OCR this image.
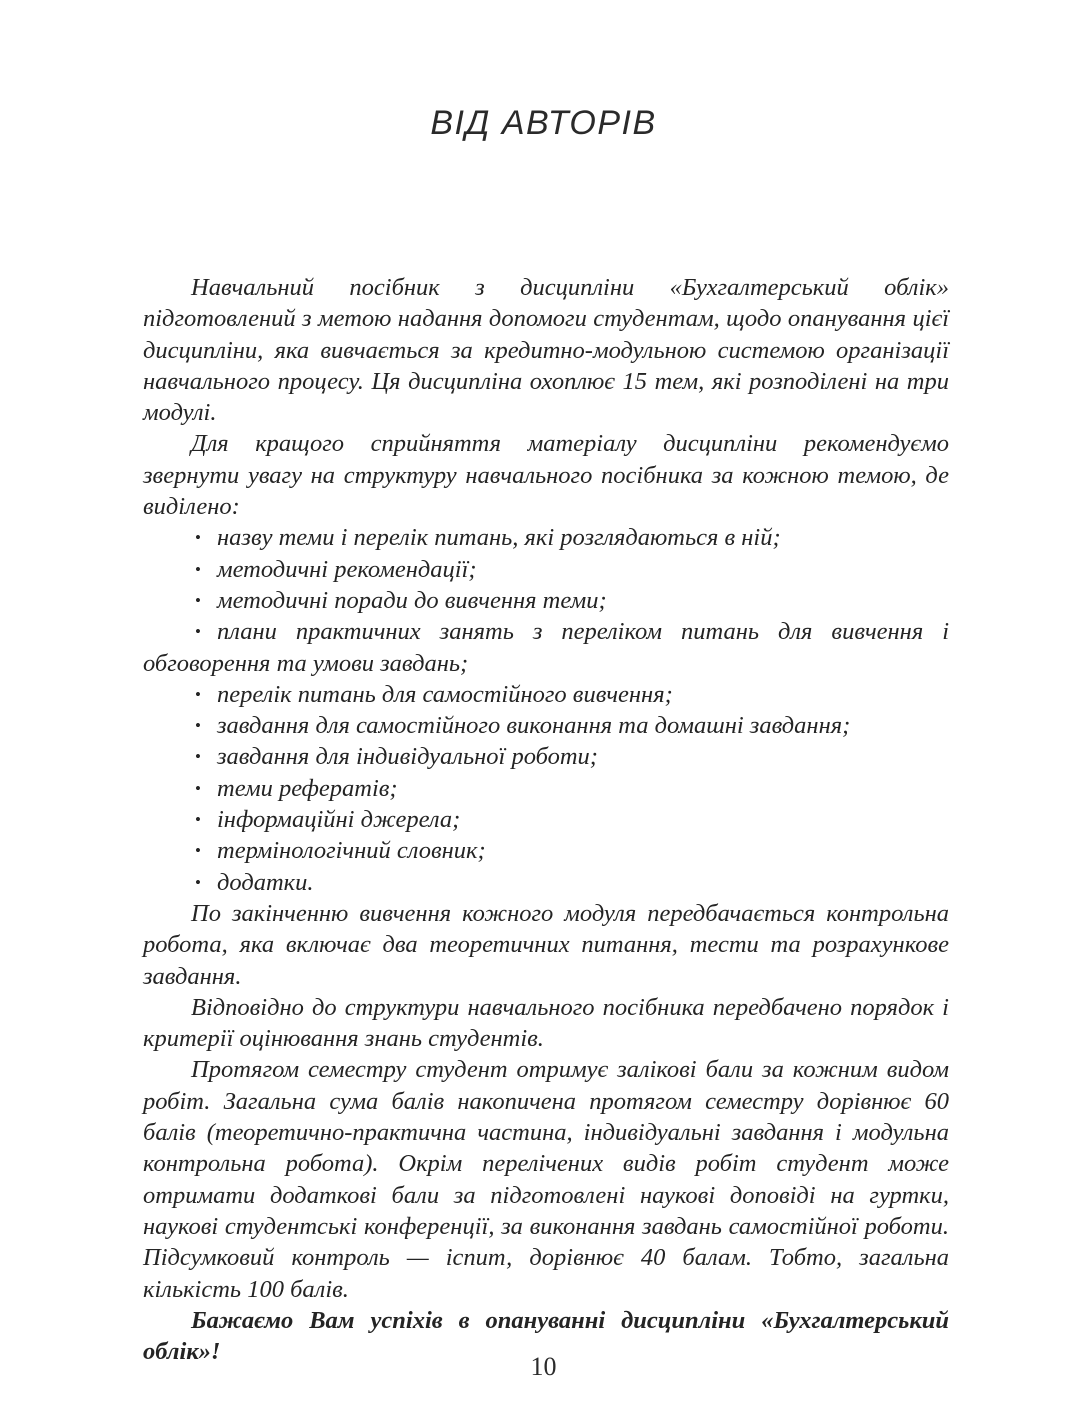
ВІД АВТОРІВ

Навчальний посібник з дисципліни «Бухгалтерський облік» підготовлений з метою надання допомоги студентам, щодо опанування цієї дисципліни, яка вивчається за кредитно-модульною системою організації навчального процесу. Ця дисципліна охоплює 15 тем, які розподілені на три модулі.

Для кращого сприйняття матеріалу дисципліни рекомендуємо звернути увагу на структуру навчального посібника за кожною темою, де виділено:

• назву теми і перелік питань, які розглядаються в ній;
• методичні рекомендації;
• методичні поради до вивчення теми;
• плани практичних занять з переліком питань для вивчення і обговорення та умови завдань;
• перелік питань для самостійного вивчення;
• завдання для самостійного виконання та домашні завдання;
• завдання для індивідуальної роботи;
• теми рефератів;
• інформаційні джерела;
• термінологічний словник;
• додатки.

По закінченню вивчення кожного модуля передбачається контрольна робота, яка включає два теоретичних питання, тести та розрахункове завдання.

Відповідно до структури навчального посібника передбачено порядок і критерії оцінювання знань студентів.

Протягом семестру студент отримує залікові бали за кожним видом робіт. Загальна сума балів накопичена протягом семестру дорівнює 60 балів (теоретично-практична частина, індивідуальні завдання і модульна контрольна робота). Окрім перелічених видів робіт студент може отримати додаткові бали за підготовлені наукові доповіді на гуртки, наукові студентські конференції, за виконання завдань самостійної роботи. Підсумковий контроль — іспит, дорівнює 40 балам. Тобто, загальна кількість 100 балів.

Бажаємо Вам успіхів в опануванні дисципліни «Бухгалтерський облік»!

10
